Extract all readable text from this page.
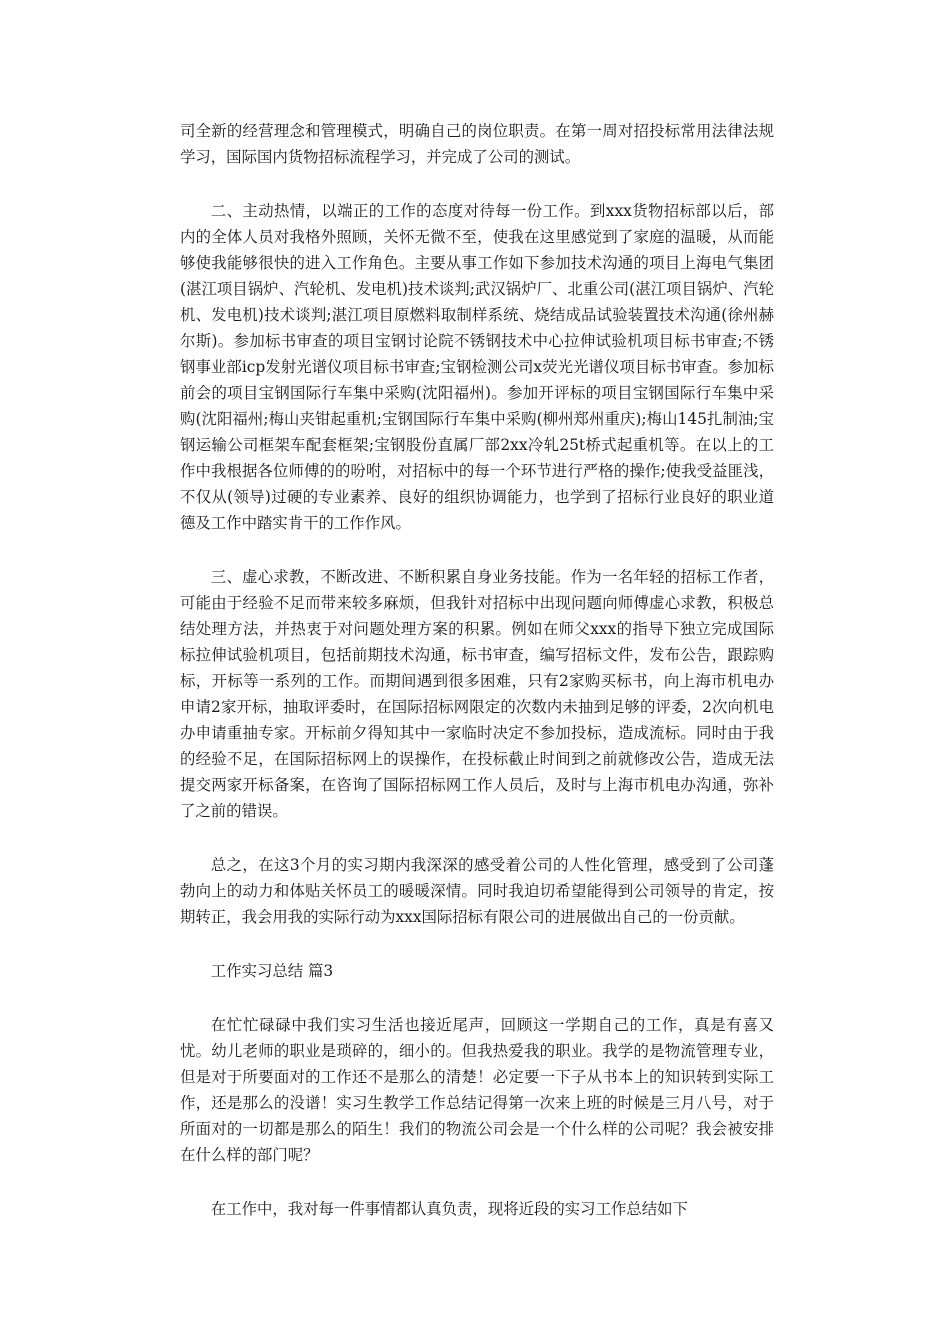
司全新的经营理念和管理模式，明确自己的岗位职责。在第一周对招投标常用法律法规学习，国际国内货物招标流程学习，并完成了公司的测试。

二、主动热情，以端正的工作的态度对待每一份工作。到xxx货物招标部以后，部内的全体人员对我格外照顾，关怀无微不至，使我在这里感觉到了家庭的温暖，从而能够使我能够很快的进入工作角色。主要从事工作如下参加技术沟通的项目上海电气集团(湛江项目锅炉、汽轮机、发电机)技术谈判;武汉锅炉厂、北重公司(湛江项目锅炉、汽轮机、发电机)技术谈判;湛江项目原燃料取制样系统、烧结成品试验装置技术沟通(徐州赫尔斯)。参加标书审查的项目宝钢讨论院不锈钢技术中心拉伸试验机项目标书审查;不锈钢事业部icp发射光谱仪项目标书审查;宝钢检测公司x荧光光谱仪项目标书审查。参加标前会的项目宝钢国际行车集中采购(沈阳福州)。参加开评标的项目宝钢国际行车集中采购(沈阳福州;梅山夹钳起重机;宝钢国际行车集中采购(柳州郑州重庆);梅山145扎制油;宝钢运输公司框架车配套框架;宝钢股份直属厂部2xx冷轧25t桥式起重机等。在以上的工作中我根据各位师傅的的吩咐，对招标中的每一个环节进行严格的操作;使我受益匪浅，不仅从(领导)过硬的专业素养、良好的组织协调能力，也学到了招标行业良好的职业道德及工作中踏实肯干的工作作风。

三、虚心求教，不断改进、不断积累自身业务技能。作为一名年轻的招标工作者，可能由于经验不足而带来较多麻烦，但我针对招标中出现问题向师傅虚心求教，积极总结处理方法，并热衷于对问题处理方案的积累。例如在师父xxx的指导下独立完成国际标拉伸试验机项目，包括前期技术沟通，标书审查，编写招标文件，发布公告，跟踪购标，开标等一系列的工作。而期间遇到很多困难，只有2家购买标书，向上海市机电办申请2家开标，抽取评委时，在国际招标网限定的次数内未抽到足够的评委，2次向机电办申请重抽专家。开标前夕得知其中一家临时决定不参加投标，造成流标。同时由于我的经验不足，在国际招标网上的误操作，在投标截止时间到之前就修改公告，造成无法提交两家开标备案，在咨询了国际招标网工作人员后，及时与上海市机电办沟通，弥补了之前的错误。

总之，在这3个月的实习期内我深深的感受着公司的人性化管理，感受到了公司蓬勃向上的动力和体贴关怀员工的暖暖深情。同时我迫切希望能得到公司领导的肯定，按期转正，我会用我的实际行动为xxx国际招标有限公司的进展做出自己的一份贡献。

工作实习总结 篇3

在忙忙碌碌中我们实习生活也接近尾声，回顾这一学期自己的工作，真是有喜又忧。幼儿老师的职业是琐碎的，细小的。但我热爱我的职业。我学的是物流管理专业，但是对于所要面对的工作还不是那么的清楚！必定要一下子从书本上的知识转到实际工作，还是那么的没谱！实习生教学工作总结记得第一次来上班的时候是三月八号，对于所面对的一切都是那么的陌生！我们的物流公司会是一个什么样的公司呢？我会被安排在什么样的部门呢？

在工作中，我对每一件事情都认真负责，现将近段的实习工作总结如下
